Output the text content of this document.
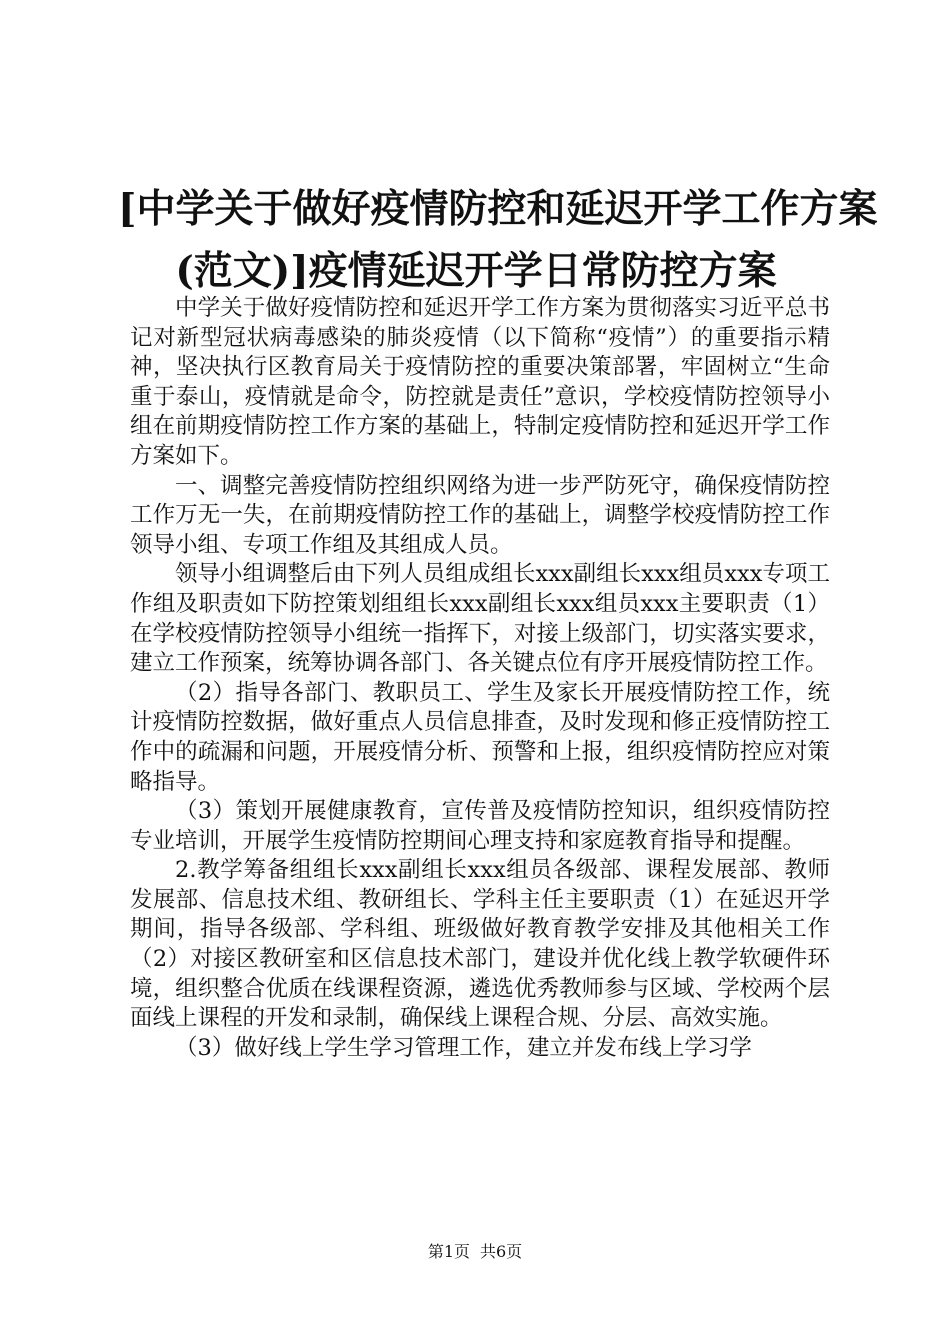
[中学关于做好疫情防控和延迟开学工作方案
(范文)]疫情延迟开学日常防控方案

中学关于做好疫情防控和延迟开学工作方案为贯彻落实习近平总书记对新型冠状病毒感染的肺炎疫情（以下简称“疫情”）的重要指示精神，坚决执行区教育局关于疫情防控的重要决策部署，牢固树立“生命重于泰山，疫情就是命令，防控就是责任”意识，学校疫情防控领导小组在前期疫情防控工作方案的基础上，特制定疫情防控和延迟开学工作方案如下。

一、调整完善疫情防控组织网络为进一步严防死守，确保疫情防控工作万无一失，在前期疫情防控工作的基础上，调整学校疫情防控工作领导小组、专项工作组及其组成人员。

领导小组调整后由下列人员组成组长xxx副组长xxx组员xxx专项工作组及职责如下防控策划组组长xxx副组长xxx组员xxx主要职责（1）在学校疫情防控领导小组统一指挥下，对接上级部门，切实落实要求，建立工作预案，统筹协调各部门、各关键点位有序开展疫情防控工作。

（2）指导各部门、教职员工、学生及家长开展疫情防控工作，统计疫情防控数据，做好重点人员信息排查，及时发现和修正疫情防控工作中的疏漏和问题，开展疫情分析、预警和上报，组织疫情防控应对策略指导。

（3）策划开展健康教育，宣传普及疫情防控知识，组织疫情防控专业培训，开展学生疫情防控期间心理支持和家庭教育指导和提醒。

2.教学筹备组组长xxx副组长xxx组员各级部、课程发展部、教师发展部、信息技术组、教研组长、学科主任主要职责（1）在延迟开学期间，指导各级部、学科组、班级做好教育教学安排及其他相关工作（2）对接区教研室和区信息技术部门，建设并优化线上教学软硬件环境，组织整合优质在线课程资源，遴选优秀教师参与区域、学校两个层面线上课程的开发和录制，确保线上课程合规、分层、高效实施。

（3）做好线上学生学习管理工作，建立并发布线上学习学

第1页 共6页
